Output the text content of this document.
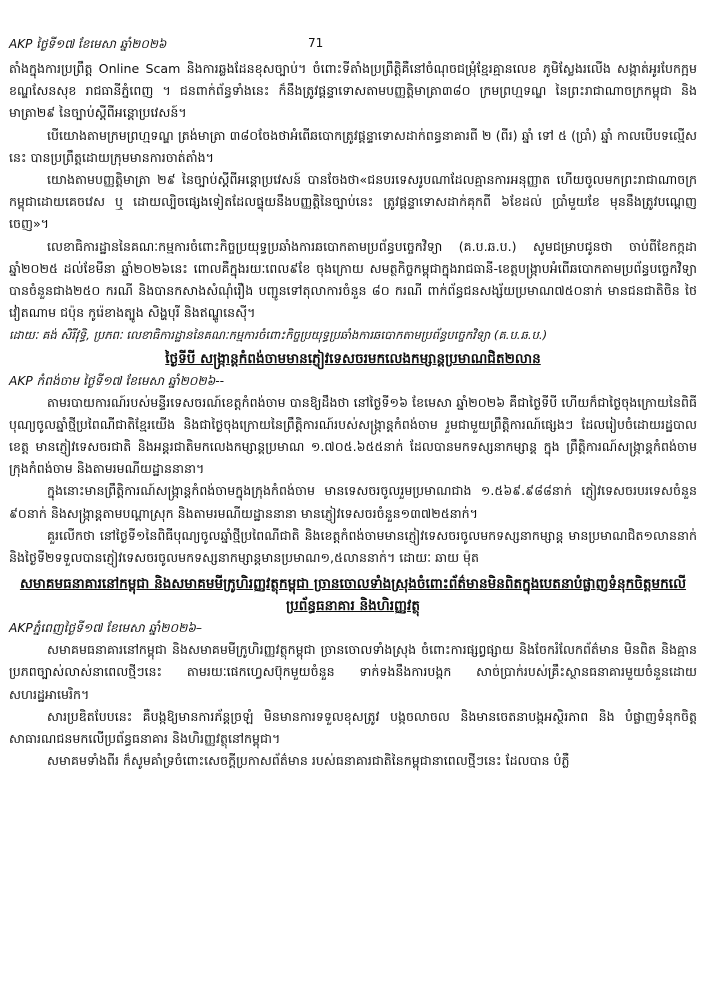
AKP ថ្ងៃទី១៧ ខែមេសា ឆ្នាំ២០២៦	71

តាំងក្នុងការប្រព្រឹត្ត Online Scam និងការឆ្លងដែនខុសច្បាប់។ ចំពោះទីតាំងប្រព្រឹត្តិគឺនៅចំណុចជម្រុំខ្មែរគ្មានលេខ ភូមិស្លែងរលើង សង្កាត់អូរបែកក្អម ខណ្ឌសែនសុខ រាជធានីភ្នំពេញ ។ ជនពាក់ព័ន្ធទាំងនេះ ក៏នឹងត្រូវផ្តន្ទាទោសតាមបញ្ញត្តិមាត្រា៣៨០ ក្រមព្រហ្មទណ្ឌ នៃព្រះរាជាណាចក្រកម្ពុជា និងមាត្រា២៩ នៃច្បាប់ស្តីពីអន្តោប្រវេសន៍។

បើយោងតាមក្រមព្រហ្មទណ្ឌ ត្រង់មាត្រា ៣៨០ចែងថាអំពើឆបោកត្រូវផ្តន្ទាទោសដាក់ពន្ធនាគារពី ២ (ពីរ) ឆ្នាំ ទៅ ៥ (ប្រាំ) ឆ្នាំ កាលបើបទល្មើសនេះ បានប្រព្រឹត្តដោយក្រុមមានការចាត់តាំង។

យោងតាមបញ្ញត្តិមាត្រា ២៩ នៃច្បាប់ស្តីពីអន្តោប្រវេសន៍ បានចែងថា«ជនបរទេសរូបណាដែលគ្មានការអនុញ្ញាត ហើយចូលមកព្រះរាជាណាចក្រកម្ពុជាដោយគេចវេស ឬ ដោយល្បិចផ្សេងទៀតដែលផ្ទុយនឹងបញ្ញត្តិនៃច្បាប់នេះ ត្រូវផ្តន្ទាទោសដាក់គុកពី ៦ខែដល់ ប្រាំមួយខែ មុននឹងត្រូវបណ្តេញចេញ»។

លេខាធិការដ្ឋាននៃគណៈកម្មការចំពោះកិច្ចប្រយុទ្ធប្រឆាំងការឆបោកតាមប្រព័ន្ធបច្ចេកវិទ្យា (គ.ប.ឆ.ប.) សូមជម្រាបជូនថា ចាប់ពីខែកក្កដា ឆ្នាំ២០២៥ ដល់ខែមីនា ឆ្នាំ២០២៦នេះ ពោលគឺក្នុងរយៈពេល៩ខែ ចុងក្រោយ សមត្ថកិច្ចកម្ពុជាក្នុងរាជធានី-ខេត្តបង្ក្រាបអំពើឆបោកតាមប្រព័ន្ធបច្ចេកវិទ្យា បានចំនួនជាង២៥០ ករណី និងបានកសាងសំណុំរឿង បញ្ជូនទៅតុលាការចំនួន ៨០ ករណី ពាក់ព័ន្ធជនសង្ស័យប្រមាណ៧៥០នាក់ មានជនជាតិចិន ថៃ វៀតណាម ជប៉ុន កូរ៉េខាងត្បូង សិង្ហបុរី និងឥណ្ឌូនេស៊ី។

ដោយៈ គង់ សិរីវុទ្ធិ, ប្រភពៈ លេខាធិការដ្ឋាននៃគណៈកម្មការចំពោះកិច្ចប្រយុទ្ធប្រឆាំងការឆបោកតាមប្រព័ន្ធបច្ចេកវិទ្យា (គ.ប.ឆ.ប.)

ថ្ងៃទីបី សង្ក្រាន្តកំពង់ចាមមានភ្ញៀវទេសចរមកលេងកម្សាន្តប្រមាណជិត២លាន
AKP កំពង់ចាម ថ្ងៃទី១៧ ខែមេសា ឆ្នាំ២០២៦--

តាមរបាយការណ៍របស់មន្ទីរទេសចរណ៍ខេត្តកំពង់ចាម បានឱ្យដឹងថា នៅថ្ងៃទី១៦ ខែមេសា ឆ្នាំ២០២៦ គឺជាថ្ងៃទីបី ហើយក៏ជាថ្ងៃចុងក្រោយនៃពិធីបុណ្យចូលឆ្នាំថ្មីប្រពៃណីជាតិខ្មែរយើង និងជាថ្ងៃចុងក្រោយនៃព្រឹត្តិការណ៍របស់សង្ក្រាន្តកំពង់ចាម រួមជាមួយព្រឹត្តិការណ៍ផ្សេងៗ ដែលរៀបចំដោយរដ្ឋបាលខេត្ត មានភ្ញៀវទេសចរជាតិ និងអន្តរជាតិមកលេងកម្សាន្តប្រមាណ ១.៧០៥.៦៥៥នាក់ ដែលបានមកទស្សនាកម្សាន្ត ក្នុង ព្រឹត្តិការណ៍សង្ក្រាន្តកំពង់ចាម ក្រុងកំពង់ចាម និងតាមរមណីយដ្ឋាននានា។

ក្នុងនោះមានព្រឹត្តិការណ៍សង្ក្រាន្តកំពង់ចាមក្នុងក្រុងកំពង់ចាម មានទេសចរចូលរួមប្រមាណជាង ១.៥៦៩.៩៨៨នាក់ ភ្ញៀវទេសចរបរទេសចំនួន ៩០នាក់ និងសង្ក្រាន្តតាមបណ្តាស្រុក និងតាមរមណីយដ្ឋាននានា មានភ្ញៀវទេសចរចំនួន១៣៧២៥នាក់។

គួរលើកថា នៅថ្ងៃទី១នៃពិធីបុណ្យចូលឆ្នាំថ្មីប្រពៃណីជាតិ និងខេត្តកំពង់ចាមមានភ្ញៀវទេសចរចូលមកទស្សនាកម្សាន្ត មានប្រមាណជិត១លាននាក់ និងថ្ងៃទី២ទទួលបានភ្ញៀវទេសចរចូលមកទស្សនាកម្សាន្តមានប្រមាណ១,៥លាននាក់។ ដោយៈ ឆាយ ម៉ុត

សមាគមធនាគារនៅកម្ពុជា និងសមាគមមីក្រូហិរញ្ញវត្ថុកម្ពុជា ច្រានចោលទាំងស្រុងចំពោះព័ត៌មានមិនពិតក្នុងបេតនាបំផ្លាញទំនុកចិត្តមកលើ ប្រព័ន្ធធនាគារ និងហិរញ្ញវត្ថុ
AKPភ្នំពេញថ្ងៃទី១៧ ខែមេសា ឆ្នាំ២០២៦–

សមាគមធនាគារនៅកម្ពុជា និងសមាគមមីក្រូហិរញ្ញវត្ថុកម្ពុជា ច្រានចោលទាំងស្រុង ចំពោះការផ្សព្វផ្សាយ និងចែករំលែកព័ត៌មាន មិនពិត និងគ្មានប្រភពច្បាស់លាស់នាពេលថ្មីៗនេះ តាមរយៈផេកហ្វេសប៊ុកមួយចំនួន ទាក់ទងនឹងការបង្កក សាច់ប្រាក់របស់គ្រឹះស្ថានធនាគារមួយចំនួនដោយសហរដ្ឋអាមេរិក។

សារប្រឌិតបែបនេះ គឺបង្កឱ្យមានការភ័ន្តច្រឡំ មិនមានការទទួលខុសត្រូវ បង្កចលាចល និងមានចេតនាបង្កអស្ថិរភាព និង បំផ្លាញទំនុកចិត្តសាធារណជនមកលើប្រព័ន្ធធនាគារ និងហិរញ្ញវត្ថុនៅកម្ពុជា។

សមាគមទាំងពីរ ក៏សូមគាំទ្រចំពោះសេចក្តីប្រកាសព័ត៌មាន របស់ធនាគារជាតិនៃកម្ពុជានាពេលថ្មីៗនេះ ដែលបាន បំភ្លឺ
